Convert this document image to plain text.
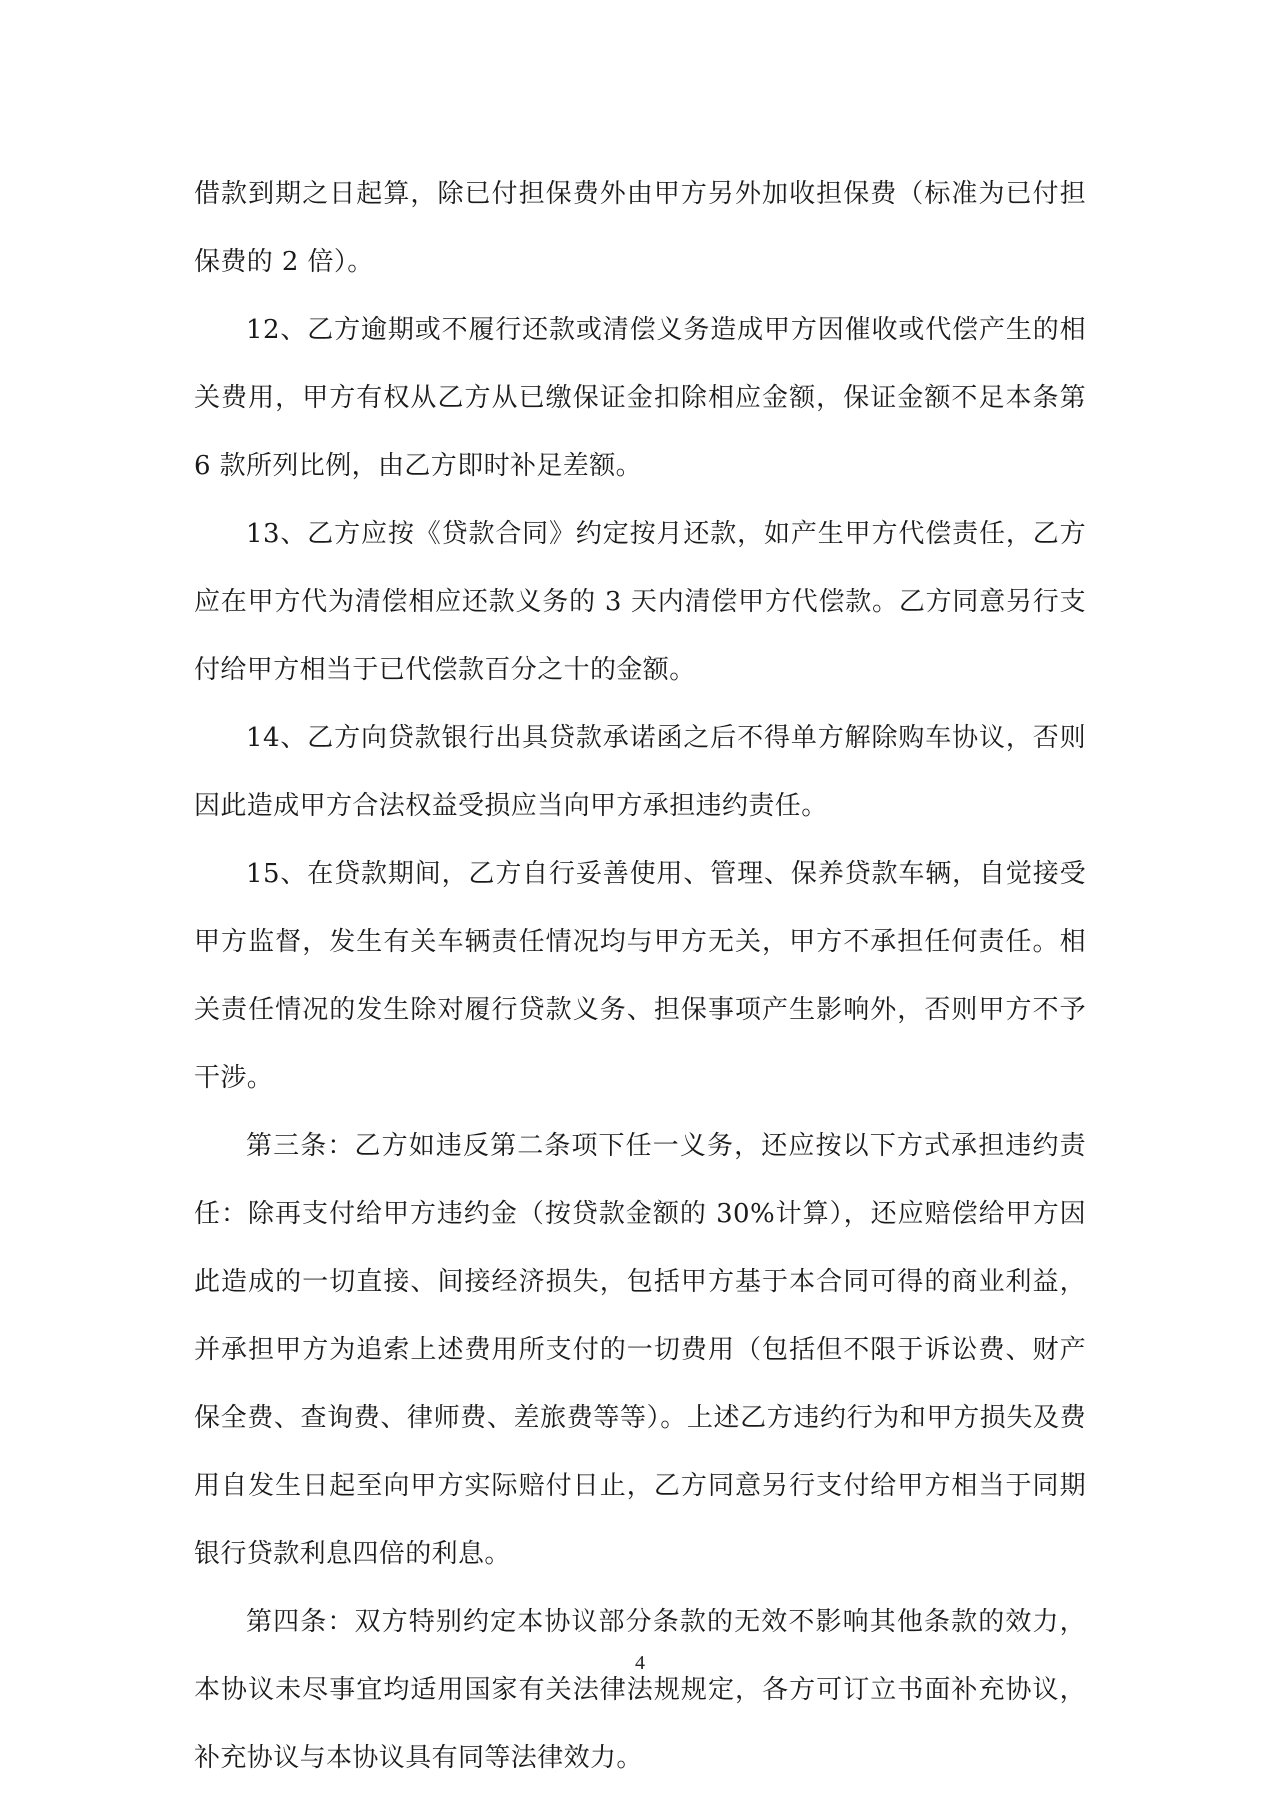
借款到期之日起算，除已付担保费外由甲方另外加收担保费（标准为已付担保费的 2 倍）。

12、乙方逾期或不履行还款或清偿义务造成甲方因催收或代偿产生的相关费用，甲方有权从乙方从已缴保证金扣除相应金额，保证金额不足本条第 6 款所列比例，由乙方即时补足差额。

13、乙方应按《贷款合同》约定按月还款，如产生甲方代偿责任，乙方应在甲方代为清偿相应还款义务的 3 天内清偿甲方代偿款。乙方同意另行支付给甲方相当于已代偿款百分之十的金额。

14、乙方向贷款银行出具贷款承诺函之后不得单方解除购车协议，否则因此造成甲方合法权益受损应当向甲方承担违约责任。

15、在贷款期间，乙方自行妥善使用、管理、保养贷款车辆，自觉接受甲方监督，发生有关车辆责任情况均与甲方无关，甲方不承担任何责任。相关责任情况的发生除对履行贷款义务、担保事项产生影响外，否则甲方不予干涉。

第三条：乙方如违反第二条项下任一义务，还应按以下方式承担违约责任：除再支付给甲方违约金（按贷款金额的 30%计算），还应赔偿给甲方因此造成的一切直接、间接经济损失，包括甲方基于本合同可得的商业利益，并承担甲方为追索上述费用所支付的一切费用（包括但不限于诉讼费、财产保全费、查询费、律师费、差旅费等等）。上述乙方违约行为和甲方损失及费用自发生日起至向甲方实际赔付日止，乙方同意另行支付给甲方相当于同期银行贷款利息四倍的利息。

第四条：双方特别约定本协议部分条款的无效不影响其他条款的效力，本协议未尽事宜均适用国家有关法律法规规定，各方可订立书面补充协议，补充协议与本协议具有同等法律效力。

4
